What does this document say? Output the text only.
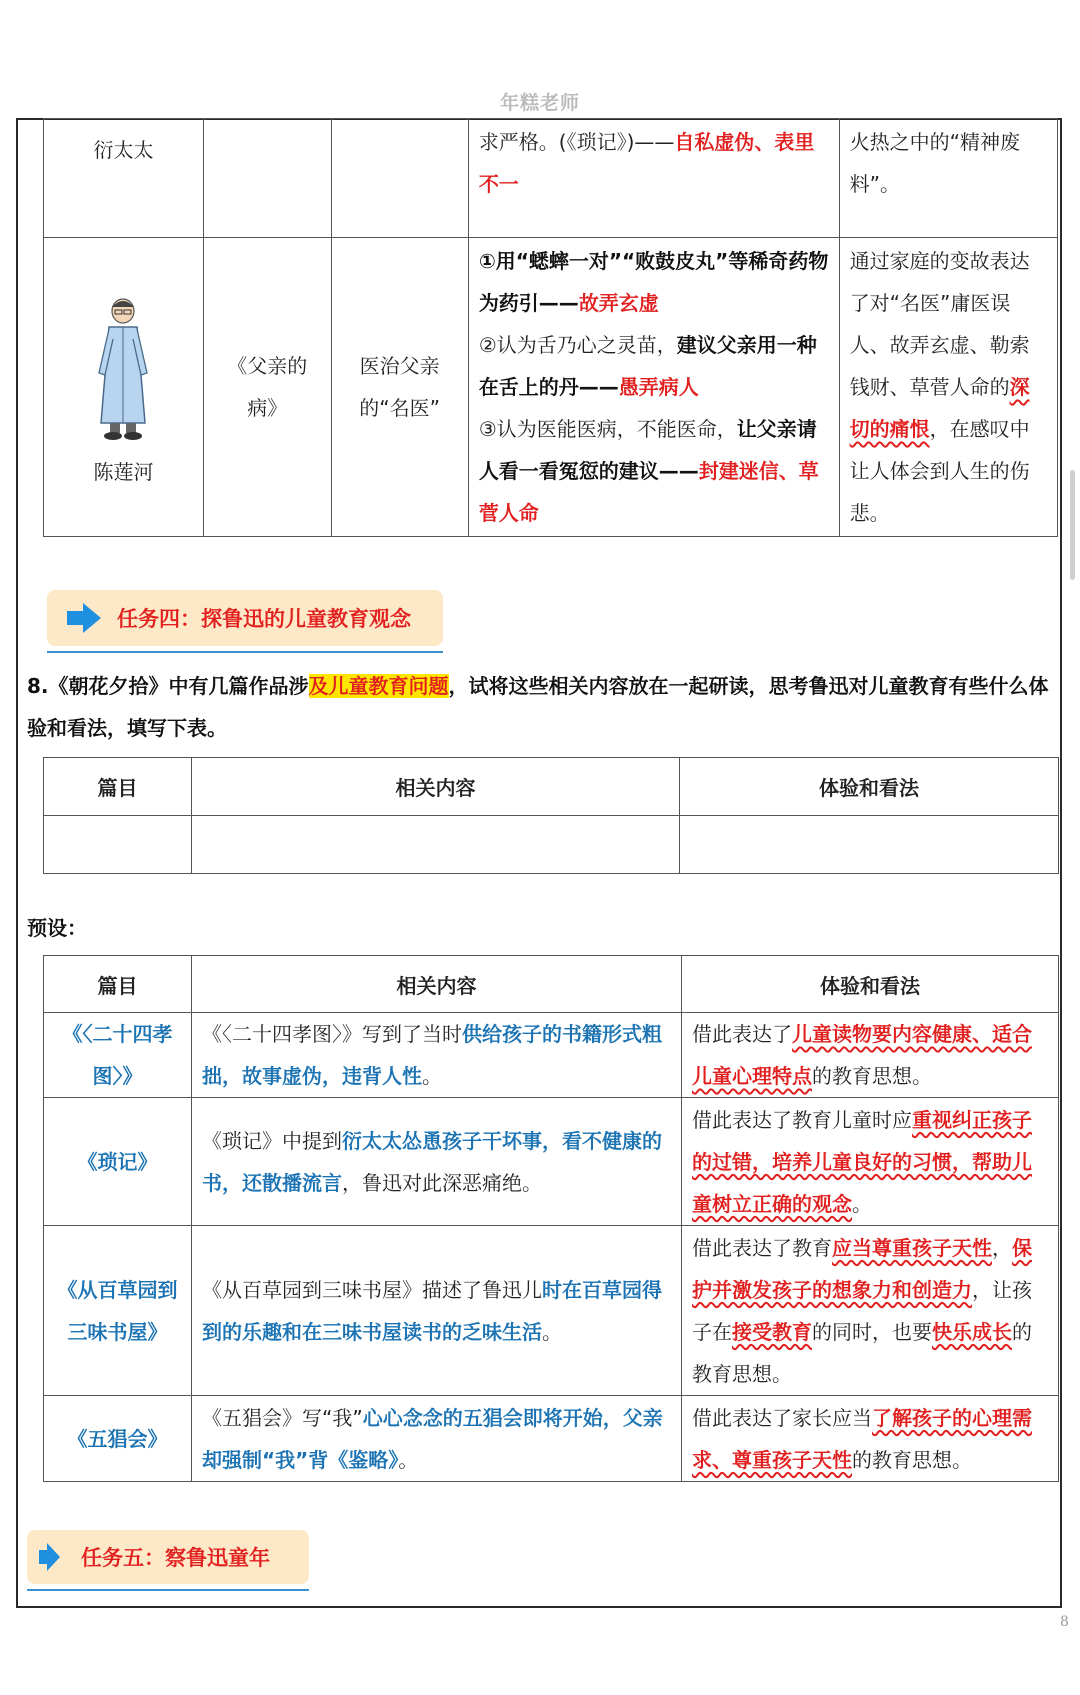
年糕老师
衍太太			求严格。(《琐记》)——自私虚伪、表里不一	火热之中的“精神废料”。

陈莲河	《父亲的病》	医治父亲的“名医”	①用“蟋蟀一对”“败鼓皮丸”等稀奇药物为药引——故弄玄虚
②认为舌乃心之灵苗，建议父亲用一种在舌上的丹——愚弄病人
③认为医能医病，不能医命，让父亲请人看一看冤愆的建议——封建迷信、草菅人命	通过家庭的变故表达了对“名医”庸医误人、故弄玄虚、勒索钱财、草菅人命的深切的痛恨，在感叹中让人体会到人生的伤悲。
任务四：探鲁迅的儿童教育观念
8.《朝花夕拾》中有几篇作品涉及儿童教育问题，试将这些相关内容放在一起研读，思考鲁迅对儿童教育有些什么体验和看法，填写下表。
篇目	相关内容	体验和看法

预设：
篇目	相关内容	体验和看法
《〈二十四孝图〉》	《〈二十四孝图〉》写到了当时供给孩子的书籍形式粗拙，故事虚伪，违背人性。	借此表达了儿童读物要内容健康、适合儿童心理特点的教育思想。
《琐记》	《琐记》中提到衍太太怂恿孩子干坏事，看不健康的书，还散播流言，鲁迅对此深恶痛绝。	借此表达了教育儿童时应重视纠正孩子的过错，培养儿童良好的习惯，帮助儿童树立正确的观念。
《从百草园到三味书屋》	《从百草园到三味书屋》描述了鲁迅儿时在百草园得到的乐趣和在三味书屋读书的乏味生活。	借此表达了教育应当尊重孩子天性，保护并激发孩子的想象力和创造力，让孩子在接受教育的同时，也要快乐成长的教育思想。
《五猖会》	《五猖会》写“我”心心念念的五猖会即将开始，父亲却强制“我”背《鉴略》。	借此表达了家长应当了解孩子的心理需求、尊重孩子天性的教育思想。
任务五：察鲁迅童年
8
